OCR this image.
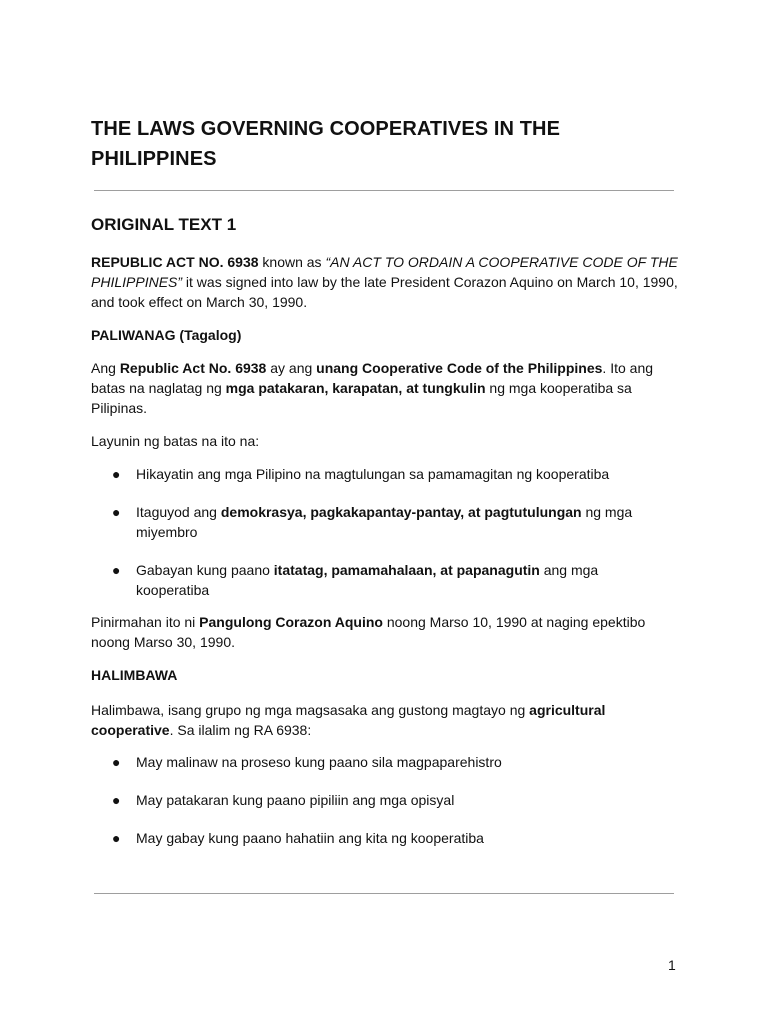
THE LAWS GOVERNING COOPERATIVES IN THE PHILIPPINES
ORIGINAL TEXT 1
REPUBLIC ACT NO. 6938 known as “AN ACT TO ORDAIN A COOPERATIVE CODE OF THE PHILIPPINES” it was signed into law by the late President Corazon Aquino on March 10, 1990, and took effect on March 30, 1990.
PALIWANAG (Tagalog)
Ang Republic Act No. 6938 ay ang unang Cooperative Code of the Philippines. Ito ang batas na naglatag ng mga patakaran, karapatan, at tungkulin ng mga kooperatiba sa Pilipinas.
Layunin ng batas na ito na:
● Hikayatin ang mga Pilipino na magtulungan sa pamamagitan ng kooperatiba
● Itaguyod ang demokrasya, pagkakapantay-pantay, at pagtutulungan ng mga miyembro
● Gabayan kung paano itatatag, pamamahalaan, at papanagutin ang mga kooperatiba
Pinirmahan ito ni Pangulong Corazon Aquino noong Marso 10, 1990 at naging epektibo noong Marso 30, 1990.
HALIMBAWA
Halimbawa, isang grupo ng mga magsasaka ang gustong magtayo ng agricultural cooperative. Sa ilalim ng RA 6938:
● May malinaw na proseso kung paano sila magpaparehistro
● May patakaran kung paano pipiliin ang mga opisyal
● May gabay kung paano hahatiin ang kita ng kooperatiba
1
